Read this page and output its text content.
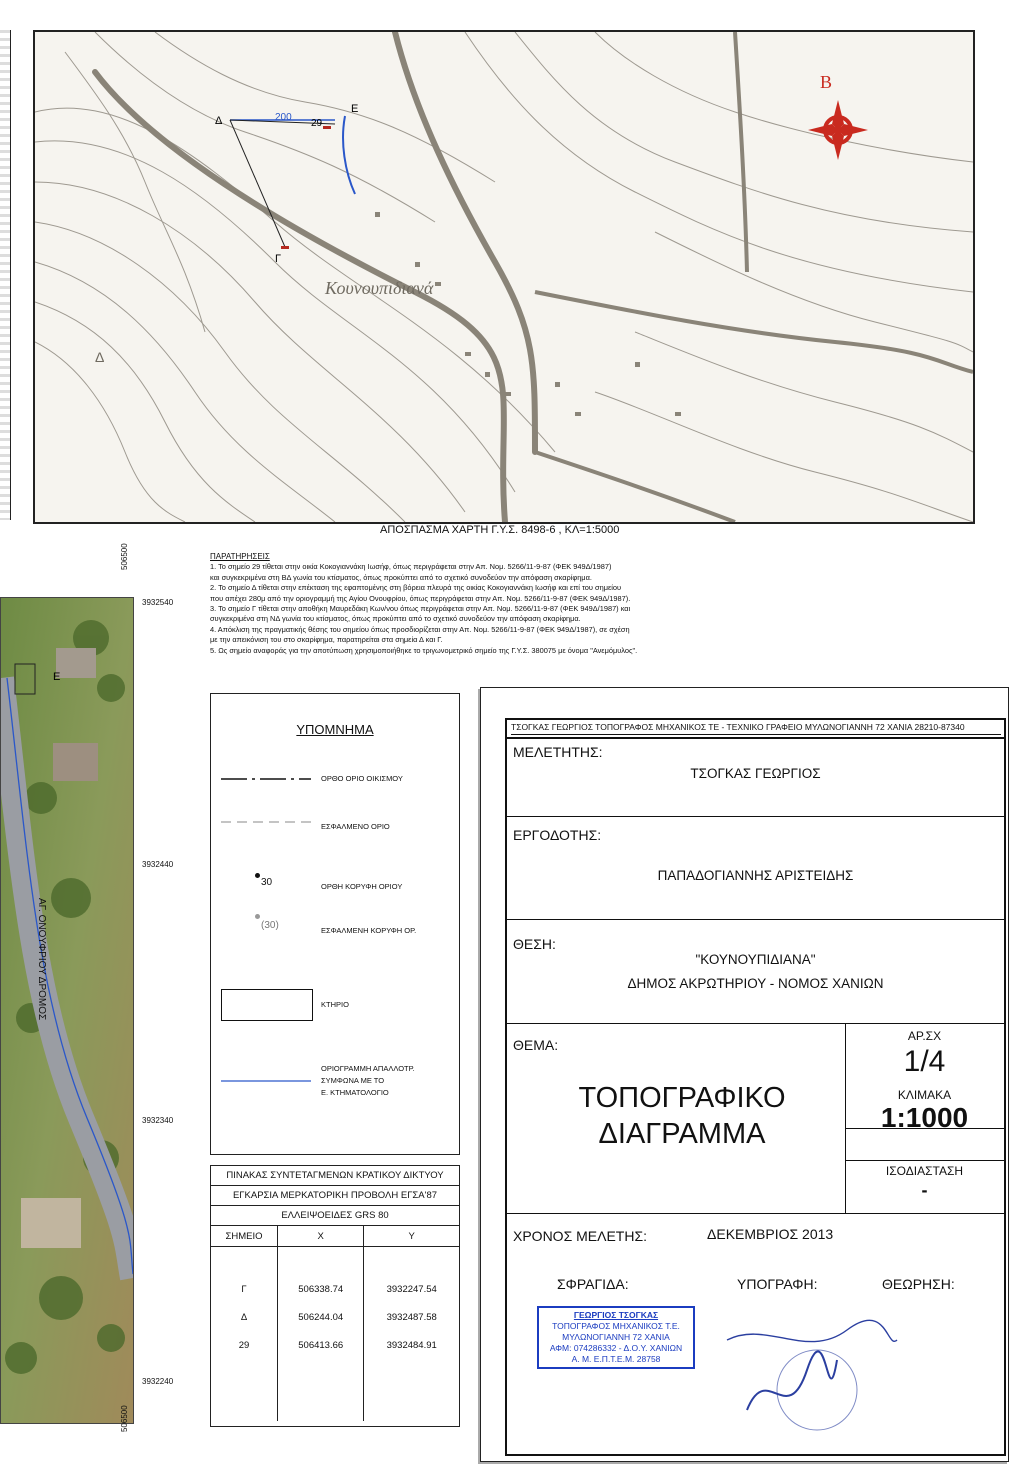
Δ
Ε
Γ
29
200
Κουνουπιδιανά
Δ
Β
ΑΠΟΣΠΑΣΜΑ ΧΑΡΤΗ Γ.Υ.Σ. 8498-6 , ΚΛ=1:5000
ΠΑΡΑΤΗΡΗΣΕΙΣ
1. Το σημείο 29 τίθεται στην οικία Κοκογιαννάκη Ιωσήφ, όπως περιγράφεται στην Απ. Νομ. 5266/11-9-87 (ΦΕΚ 949Δ/1987)
και συγκεκριμένα στη ΒΔ γωνία του κτίσματος, όπως προκύπτει από το σχετικό συνοδεύον την απόφαση σκαρίφημα.
2. Το σημείο Δ τίθεται στην επέκταση της εφαπτομένης στη βόρεια πλευρά της οικίας Κοκογιαννάκη Ιωσήφ και επί του σημείου
που απέχει 280μ από την οριογραμμή της Αγίου Ονουφρίου, όπως περιγράφεται στην Απ. Νομ. 5266/11-9-87 (ΦΕΚ 949Δ/1987).
3. Το σημείο Γ τίθεται στην αποθήκη Μαυρεδάκη Κων/νου όπως περιγράφεται στην Απ. Νομ. 5266/11-9-87 (ΦΕΚ 949Δ/1987) και
συγκεκριμένα στη ΝΔ γωνία του κτίσματος, όπως προκύπτει από το σχετικό συνοδεύον την απόφαση σκαρίφημα.
4. Απόκλιση της πραγματικής θέσης του σημείου όπως προσδιορίζεται στην Απ. Νομ. 5266/11-9-87 (ΦΕΚ 949Δ/1987), σε σχέση
με την απεικόνιση του στο σκαρίφημα, παρατηρείται στα σημεία Δ και Γ.
5. Ως σημείο αναφοράς για την αποτύπωση χρησιμοποιήθηκε το τριγωνομετρικό σημείο της Γ.Υ.Σ. 380075 με όνομα "Ανεμόμυλος".
Ε
ΑΓ. ΟΝΟΥΦΡΙΟΥ ΔΡΟΜΟΣ
506500
506500
3932540
3932440
3932340
3932240
ΥΠΟΜΝΗΜΑ
ΟΡΘΟ ΟΡΙΟ ΟΙΚΙΣΜΟΥ
ΕΣΦΑΛΜΕΝΟ ΟΡΙΟ
30	ΟΡΘΗ ΚΟΡΥΦΗ ΟΡΙΟΥ
(30)	ΕΣΦΑΛΜΕΝΗ ΚΟΡΥΦΗ ΟΡ.
ΚΤΗΡΙΟ
ΟΡΙΟΓΡΑΜΜΗ ΑΠΑΛΛΟΤΡ.
ΣΥΜΦΩΝΑ ΜΕ ΤΟ
Ε. ΚΤΗΜΑΤΟΛΟΓΙΟ
ΠΙΝΑΚΑΣ ΣΥΝΤΕΤΑΓΜΕΝΩΝ ΚΡΑΤΙΚΟΥ ΔΙΚΤΥΟΥ
ΕΓΚΑΡΣΙΑ ΜΕΡΚΑΤΟΡΙΚΗ ΠΡΟΒΟΛΗ ΕΓΣΑ'87
ΕΛΛΕΙΨΟΕΙΔΕΣ GRS 80
ΣΗΜΕΙΟ	X	Y

Γ	506338.74	3932247.54
Δ	506244.04	3932487.58
29	506413.66	3932484.91

ΤΣΟΓΚΑΣ ΓΕΩΡΓΙΟΣ ΤΟΠΟΓΡΑΦΟΣ ΜΗΧΑΝΙΚΟΣ ΤΕ - ΤΕΧΝΙΚΟ ΓΡΑΦΕΙΟ ΜΥΛΩΝΟΓΙΑΝΝΗ 72 ΧΑΝΙΑ 28210-87340
ΜΕΛΕΤΗΤΗΣ:
ΤΣΟΓΚΑΣ ΓΕΩΡΓΙΟΣ
ΕΡΓΟΔΟΤΗΣ:
ΠΑΠΑΔΟΓΙΑΝΝΗΣ ΑΡΙΣΤΕΙΔΗΣ
ΘΕΣΗ:
"ΚΟΥΝΟΥΠΙΔΙΑΝΑ"
ΔΗΜΟΣ ΑΚΡΩΤΗΡΙΟΥ - ΝΟΜΟΣ ΧΑΝΙΩΝ
ΘΕΜΑ:
ΤΟΠΟΓΡΑΦΙΚΟ
ΔΙΑΓΡΑΜΜΑ
ΑΡ.ΣΧ
1/4
ΚΛΙΜΑΚΑ
1:1000
ΙΣΟΔΙΑΣΤΑΣΗ
-
ΧΡΟΝΟΣ ΜΕΛΕΤΗΣ:	ΔΕΚΕΜΒΡΙΟΣ 2013
ΣΦΡΑΓΙΔΑ:	ΥΠΟΓΡΑΦΗ:	ΘΕΩΡΗΣΗ:
ΓΕΩΡΓΙΟΣ ΤΣΟΓΚΑΣ
ΤΟΠΟΓΡΑΦΟΣ ΜΗΧΑΝΙΚΟΣ Τ.Ε.
ΜΥΛΩΝΟΓΙΑΝΝΗ 72 ΧΑΝΙΑ
ΑΦΜ: 074286332 - Δ.Ο.Υ. ΧΑΝΙΩΝ
Α. Μ. Ε.Π.Τ.Ε.Μ. 28758
